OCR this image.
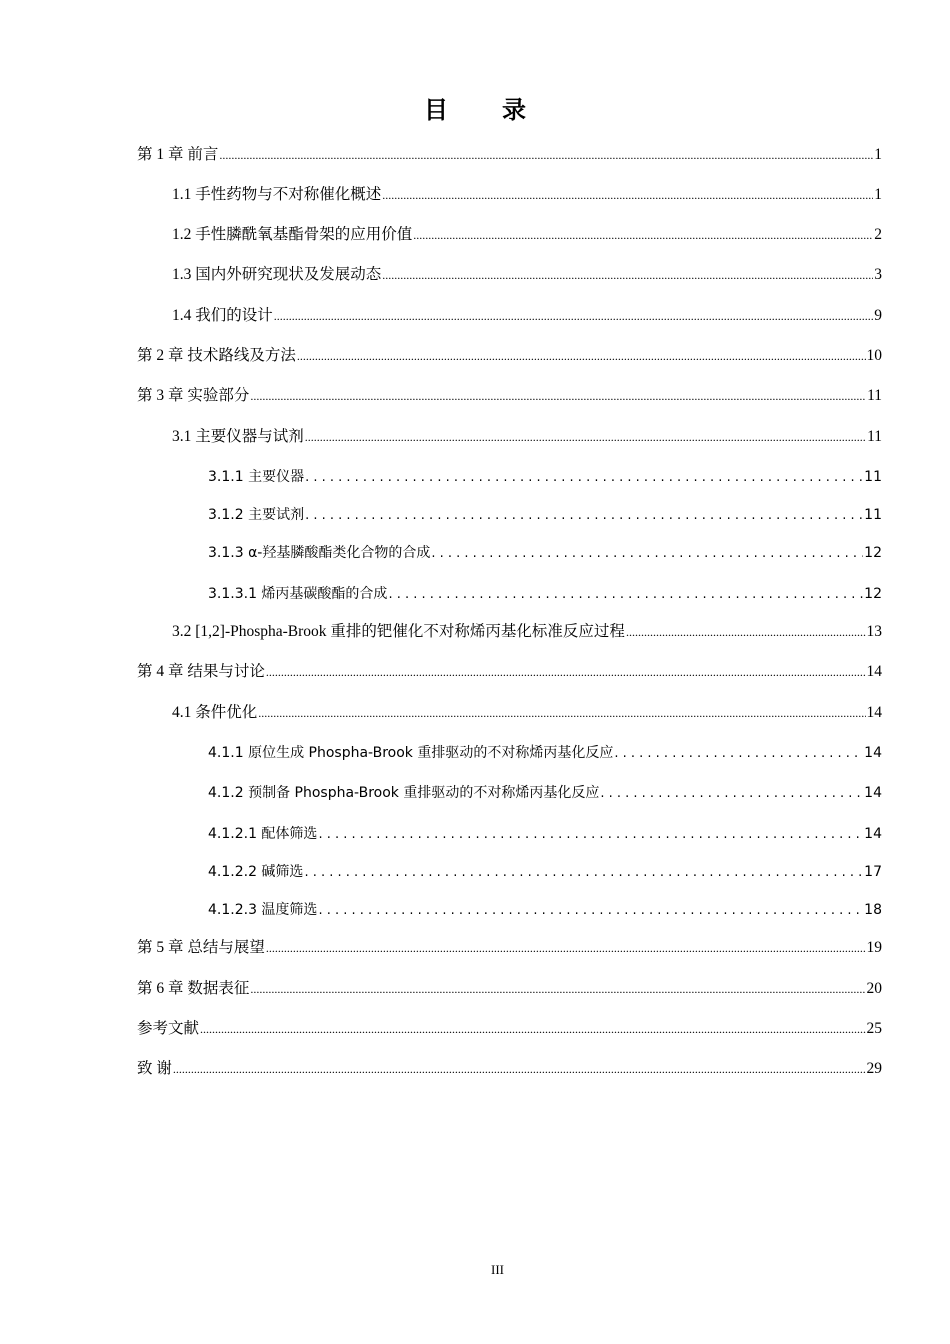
目 录
第 1 章 前言 .....	1
1.1 手性药物与不对称催化概述 .....	1
1.2 手性膦酰氧基酯骨架的应用价值 .....	2
1.3 国内外研究现状及发展动态 .....	3
1.4 我们的设计 .....	9
第 2 章 技术路线及方法 .....	10
第 3 章 实验部分 .....	11
3.1 主要仪器与试剂 .....	11
3.1.1 主要仪器 . . .	11
3.1.2 主要试剂 . . .	11
3.1.3 α-羟基膦酸酯类化合物的合成 . . .	12
3.1.3.1 烯丙基碳酸酯的合成 . . .	12
3.2 [1,2]-Phospha-Brook 重排的钯催化不对称烯丙基化标准反应过程 .....	13
第 4 章 结果与讨论 .....	14
4.1 条件优化 .....	14
4.1.1 原位生成 Phospha-Brook 重排驱动的不对称烯丙基化反应 . . .	14
4.1.2 预制备 Phospha-Brook 重排驱动的不对称烯丙基化反应 . . .	14
4.1.2.1 配体筛选 . . .	14
4.1.2.2 碱筛选 . . .	17
4.1.2.3 温度筛选 . . .	18
第 5 章 总结与展望 .....	19
第 6 章 数据表征 .....	20
参考文献 .....	25
致 谢 .....	29
III
